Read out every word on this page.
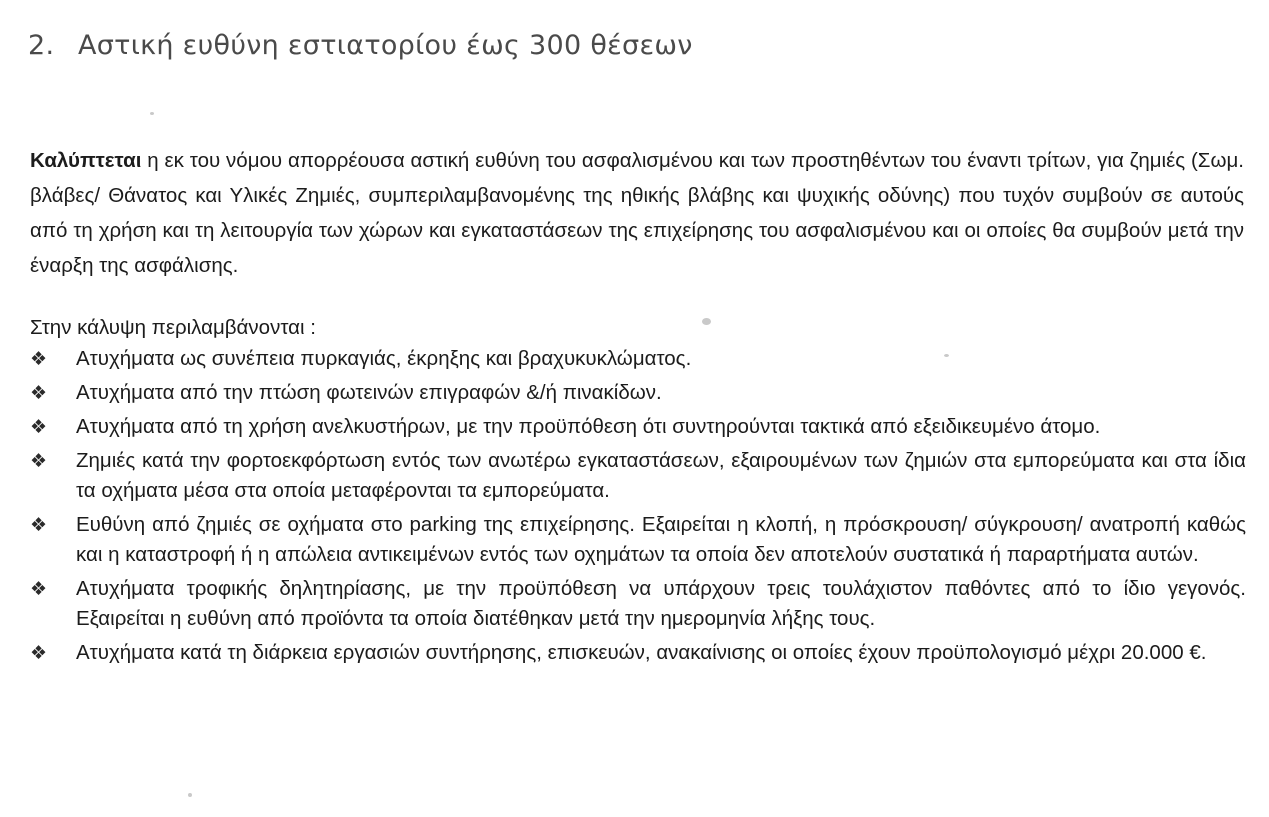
2. Αστική ευθύνη εστιατορίου έως 300 θέσεων

Καλύπτεται η εκ του νόμου απορρέουσα αστική ευθύνη του ασφαλισμένου και των προστηθέντων του έναντι τρίτων, για ζημιές (Σωμ. βλάβες/ Θάνατος και Υλικές Ζημιές, συμπεριλαμβανομένης της ηθικής βλάβης και ψυχικής οδύνης) που τυχόν συμβούν σε αυτούς από τη χρήση και τη λειτουργία των χώρων και εγκαταστάσεων της επιχείρησης του ασφαλισμένου και οι οποίες θα συμβούν μετά την έναρξη της ασφάλισης.

Στην κάλυψη περιλαμβάνονται :

❖	Ατυχήματα ως συνέπεια πυρκαγιάς, έκρηξης και βραχυκυκλώματος.
❖	Ατυχήματα από την πτώση φωτεινών επιγραφών &/ή πινακίδων.
❖	Ατυχήματα από τη χρήση ανελκυστήρων, με την προϋπόθεση ότι συντηρούνται τακτικά από εξειδικευμένο άτομο.
❖	Ζημιές κατά την φορτοεκφόρτωση εντός των ανωτέρω εγκαταστάσεων, εξαιρουμένων των ζημιών στα εμπορεύματα και στα ίδια τα οχήματα μέσα στα οποία μεταφέρονται τα εμπορεύματα.
❖	Ευθύνη από ζημιές σε οχήματα στο parking της επιχείρησης. Εξαιρείται η κλοπή, η πρόσκρουση/ σύγκρουση/ ανατροπή καθώς και η καταστροφή ή η απώλεια αντικειμένων εντός των οχημάτων τα οποία δεν αποτελούν συστατικά ή παραρτήματα αυτών.
❖	Ατυχήματα τροφικής δηλητηρίασης, με την προϋπόθεση να υπάρχουν τρεις τουλάχιστον παθόντες από το ίδιο γεγονός. Εξαιρείται η ευθύνη από προϊόντα τα οποία διατέθηκαν μετά την ημερομηνία λήξης τους.
❖	Ατυχήματα κατά τη διάρκεια εργασιών συντήρησης, επισκευών, ανακαίνισης οι οποίες έχουν προϋπολογισμό μέχρι 20.000 €.
